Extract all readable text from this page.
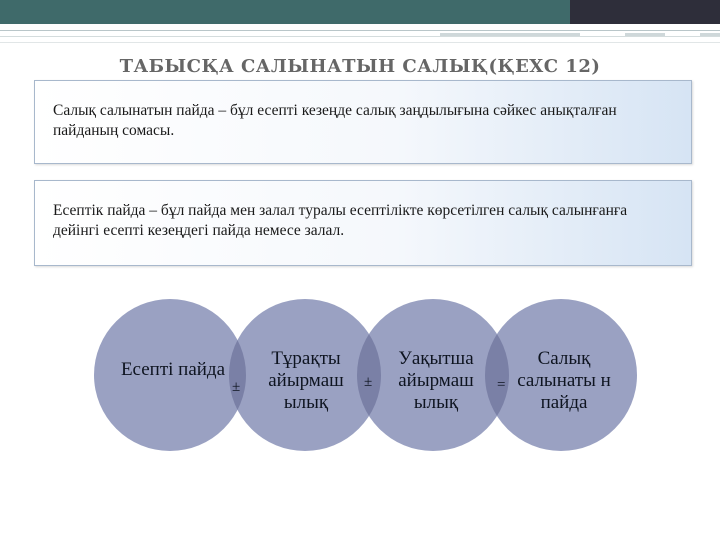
ТАБЫСҚА САЛЫНАТЫН САЛЫҚ(ҚЕХС 12)

Салық салынатын пайда – бұл есепті кезеңде салық заңдылығына сәйкес анықталған пайданың сомасы.

Есептік пайда – бұл пайда мен залал туралы есептілікте көрсетілген салық салынғанға дейінгі есепті кезеңдегі пайда немесе залал.

Есепті пайда
Тұрақты айырмаш ылық
Уақытша айырмаш ылық
Салық салынаты н пайда
±	±	=
